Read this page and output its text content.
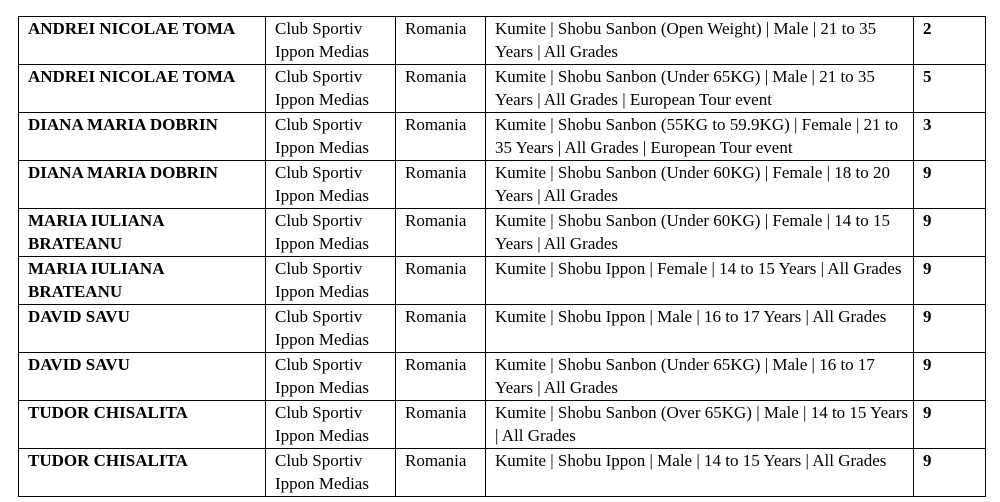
ANDREI NICOLAE TOMA	Club Sportiv Ippon Medias	Romania	Kumite | Shobu Sanbon (Open Weight) | Male | 21 to 35 Years | All Grades	2
ANDREI NICOLAE TOMA	Club Sportiv Ippon Medias	Romania	Kumite | Shobu Sanbon (Under 65KG) | Male | 21 to 35 Years | All Grades | European Tour event	5
DIANA MARIA DOBRIN	Club Sportiv Ippon Medias	Romania	Kumite | Shobu Sanbon (55KG to 59.9KG) | Female | 21 to 35 Years | All Grades | European Tour event	3
DIANA MARIA DOBRIN	Club Sportiv Ippon Medias	Romania	Kumite | Shobu Sanbon (Under 60KG) | Female | 18 to 20 Years | All Grades	9
MARIA IULIANA BRATEANU	Club Sportiv Ippon Medias	Romania	Kumite | Shobu Sanbon (Under 60KG) | Female | 14 to 15 Years | All Grades	9
MARIA IULIANA BRATEANU	Club Sportiv Ippon Medias	Romania	Kumite | Shobu Ippon | Female | 14 to 15 Years | All Grades	9
DAVID SAVU	Club Sportiv Ippon Medias	Romania	Kumite | Shobu Ippon | Male | 16 to 17 Years | All Grades	9
DAVID SAVU	Club Sportiv Ippon Medias	Romania	Kumite | Shobu Sanbon (Under 65KG) | Male | 16 to 17 Years | All Grades	9
TUDOR CHISALITA	Club Sportiv Ippon Medias	Romania	Kumite | Shobu Sanbon (Over 65KG) | Male | 14 to 15 Years | All Grades	9
TUDOR CHISALITA	Club Sportiv Ippon Medias	Romania	Kumite | Shobu Ippon | Male | 14 to 15 Years | All Grades	9
